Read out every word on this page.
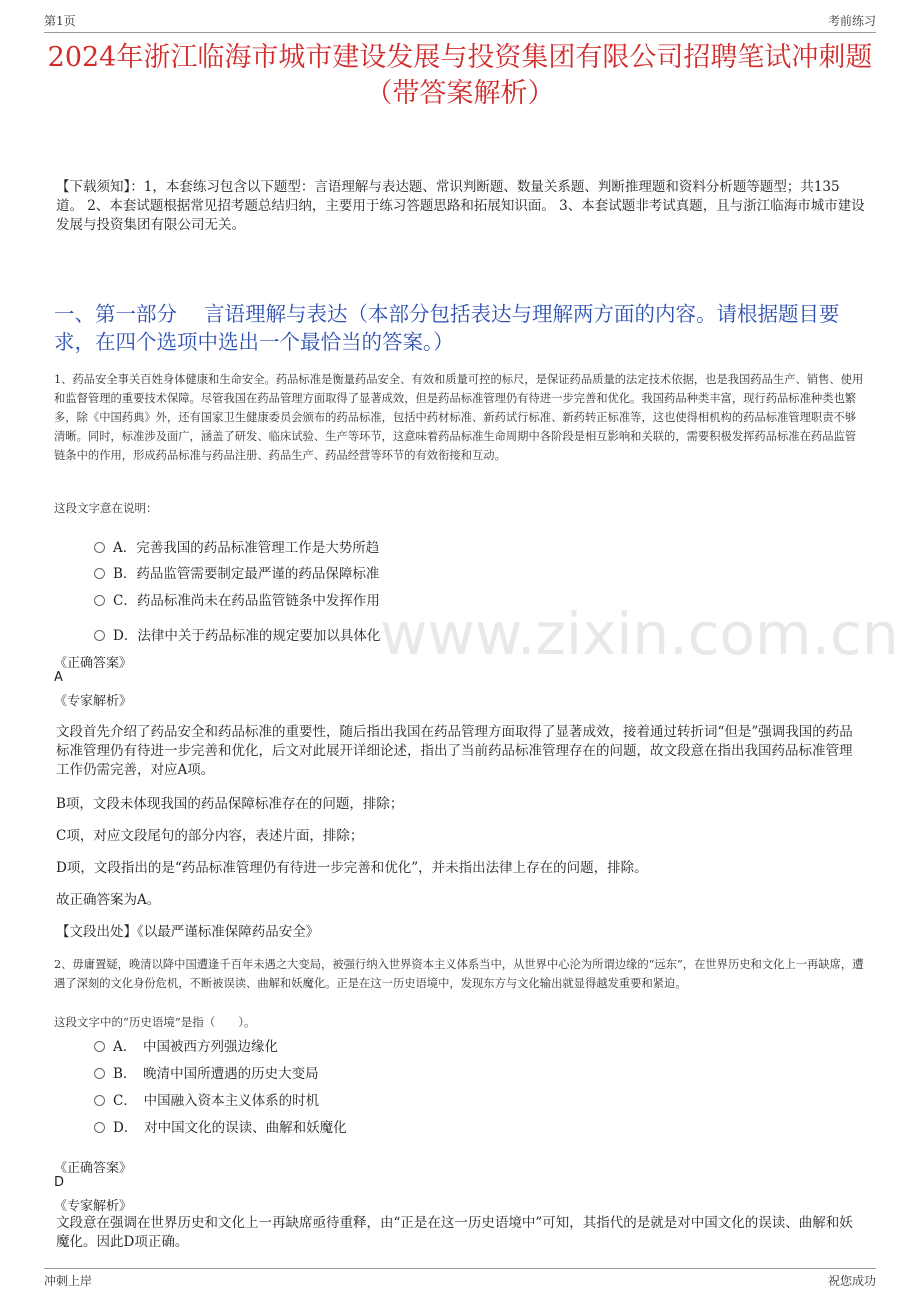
第1页	考前练习
2024年浙江临海市城市建设发展与投资集团有限公司招聘笔试冲刺题（带答案解析）
【下载须知】：1，本套练习包含以下题型：言语理解与表达题、常识判断题、数量关系题、判断推理题和资料分析题等题型；共135道。 2、本套试题根据常见招考题总结归纳，主要用于练习答题思路和拓展知识面。 3、本套试题非考试真题，且与浙江临海市城市建设发展与投资集团有限公司无关。
一、第一部分　 言语理解与表达（本部分包括表达与理解两方面的内容。请根据题目要求，在四个选项中选出一个最恰当的答案。）
www.zixin.com.cn
1、药品安全事关百姓身体健康和生命安全。药品标准是衡量药品安全、有效和质量可控的标尺，是保证药品质量的法定技术依据，也是我国药品生产、销售、使用和监督管理的重要技术保障。尽管我国在药品管理方面取得了显著成效，但是药品标准管理仍有待进一步完善和优化。我国药品种类丰富，现行药品标准种类也繁多，除《中国药典》外，还有国家卫生健康委员会颁布的药品标准，包括中药材标准、新药试行标准、新药转正标准等，这也使得相机构的药品标准管理职责不够清晰。同时，标准涉及面广，涵盖了研发、临床试验、生产等环节，这意味着药品标准生命周期中各阶段是相互影响和关联的，需要积极发挥药品标准在药品监管链条中的作用，形成药品标准与药品注册、药品生产、药品经营等环节的有效衔接和互动。
这段文字意在说明：
A．完善我国的药品标准管理工作是大势所趋
B．药品监管需要制定最严谨的药品保障标准
C．药品标准尚未在药品监管链条中发挥作用
D．法律中关于药品标准的规定要加以具体化
《正确答案》
A
《专家解析》
文段首先介绍了药品安全和药品标准的重要性，随后指出我国在药品管理方面取得了显著成效，接着通过转折词“但是”强调我国的药品标准管理仍有待进一步完善和优化，后文对此展开详细论述，指出了当前药品标准管理存在的问题，故文段意在指出我国药品标准管理工作仍需完善，对应A项。
B项，文段未体现我国的药品保障标准存在的问题，排除；
C项，对应文段尾句的部分内容，表述片面，排除；
D项，文段指出的是“药品标准管理仍有待进一步完善和优化”，并未指出法律上存在的问题，排除。
故正确答案为A。
【文段出处】《以最严谨标准保障药品安全》
2、毋庸置疑，晚清以降中国遭逢千百年未遇之大变局，被强行纳入世界资本主义体系当中，从世界中心沦为所谓边缘的“远东”，在世界历史和文化上一再缺席，遭遇了深刻的文化身份危机，不断被误读、曲解和妖魔化。正是在这一历史语境中，发现东方与文化输出就显得越发重要和紧迫。
这段文字中的“历史语境”是指（　　）。
A．　中国被西方列强边缘化
B．　晚清中国所遭遇的历史大变局
C．　中国融入资本主义体系的时机
D．　对中国文化的误读、曲解和妖魔化
《正确答案》
D
《专家解析》
文段意在强调在世界历史和文化上一再缺席亟待重释，由“正是在这一历史语境中”可知，其指代的是就是对中国文化的误读、曲解和妖魔化。因此D项正确。
冲刺上岸	祝您成功
